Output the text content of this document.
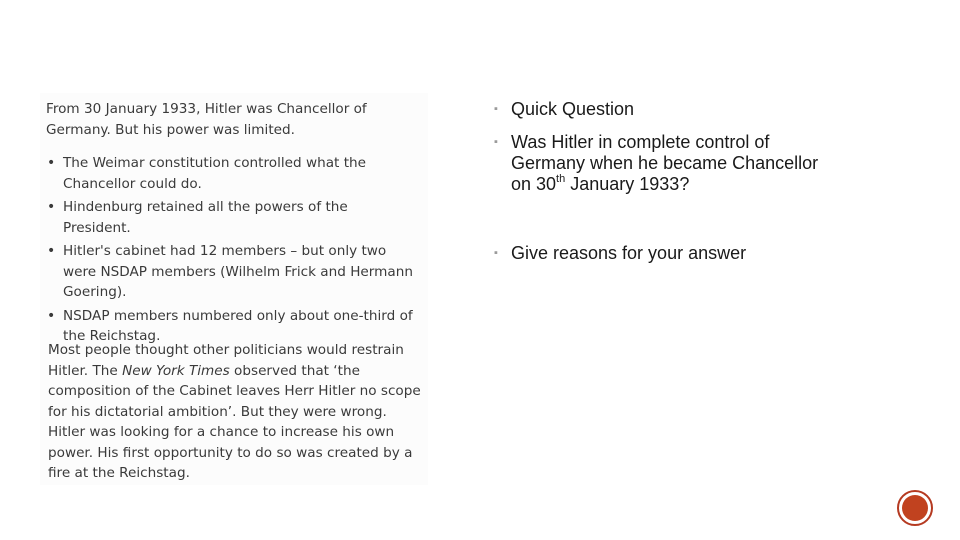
From 30 January 1933, Hitler was Chancellor of Germany. But his power was limited.

• The Weimar constitution controlled what the Chancellor could do.
• Hindenburg retained all the powers of the President.
• Hitler's cabinet had 12 members – but only two were NSDAP members (Wilhelm Frick and Hermann Goering).
• NSDAP members numbered only about one-third of the Reichstag.

Most people thought other politicians would restrain Hitler. The New York Times observed that ‘the composition of the Cabinet leaves Herr Hitler no scope for his dictatorial ambition’. But they were wrong. Hitler was looking for a chance to increase his own power. His first opportunity to do so was created by a fire at the Reichstag.

▪ Quick Question
▪ Was Hitler in complete control of Germany when he became Chancellor on 30th January 1933?
▪ Give reasons for your answer
